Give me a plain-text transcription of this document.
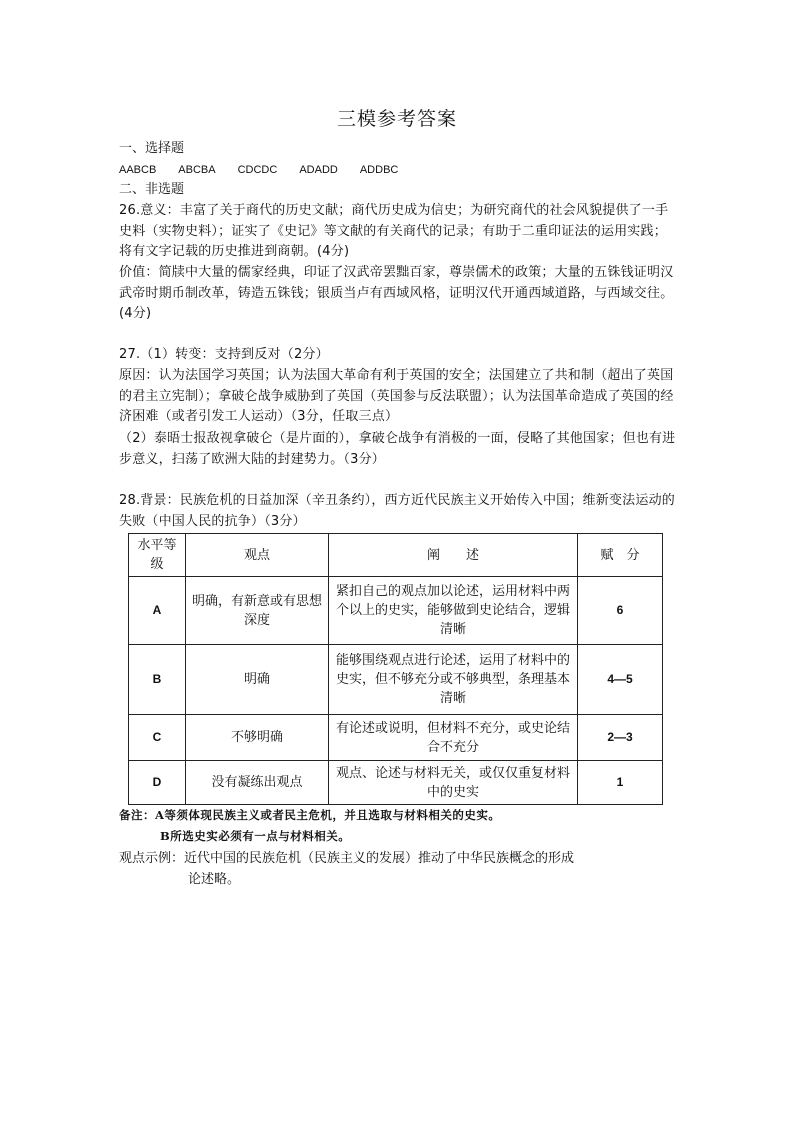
三模参考答案
一、选择题
AABCB ABCBA CDCDC ADADD ADDBC
二、非选题
26.意义：丰富了关于商代的历史文献；商代历史成为信史；为研究商代的社会风貌提供了一手史料（实物史料）；证实了《史记》等文献的有关商代的记录；有助于二重印证法的运用实践；将有文字记载的历史推进到商朝。(4分)
价值：简牍中大量的儒家经典，印证了汉武帝罢黜百家，尊崇儒术的政策；大量的五铢钱证明汉武帝时期币制改革，铸造五铢钱；银质当卢有西域风格，证明汉代开通西域道路，与西域交往。(4分)
27.（1）转变：支持到反对（2分）
原因：认为法国学习英国；认为法国大革命有利于英国的安全；法国建立了共和制（超出了英国的君主立宪制）；拿破仑战争威胁到了英国（英国参与反法联盟）；认为法国革命造成了英国的经济困难（或者引发工人运动）（3分，任取三点）
（2）泰晤士报敌视拿破仑（是片面的），拿破仑战争有消极的一面，侵略了其他国家；但也有进步意义，扫荡了欧洲大陆的封建势力。（3分）
28.背景：民族危机的日益加深（辛丑条约），西方近代民族主义开始传入中国；维新变法运动的失败（中国人民的抗争）（3分）
水平等级	观点	阐　　述	赋　分
A	明确，有新意或有思想深度	紧扣自己的观点加以论述，运用材料中两个以上的史实，能够做到史论结合，逻辑清晰	6
B	明确	能够围绕观点进行论述，运用了材料中的史实，但不够充分或不够典型，条理基本清晰	4—5
C	不够明确	有论述或说明，但材料不充分，或史论结合不充分	2—3
D	没有凝练出观点	观点、论述与材料无关，或仅仅重复材料中的史实	1
备注：A等须体现民族主义或者民主危机，并且选取与材料相关的史实。
B所选史实必须有一点与材料相关。
观点示例：近代中国的民族危机（民族主义的发展）推动了中华民族概念的形成
论述略。
